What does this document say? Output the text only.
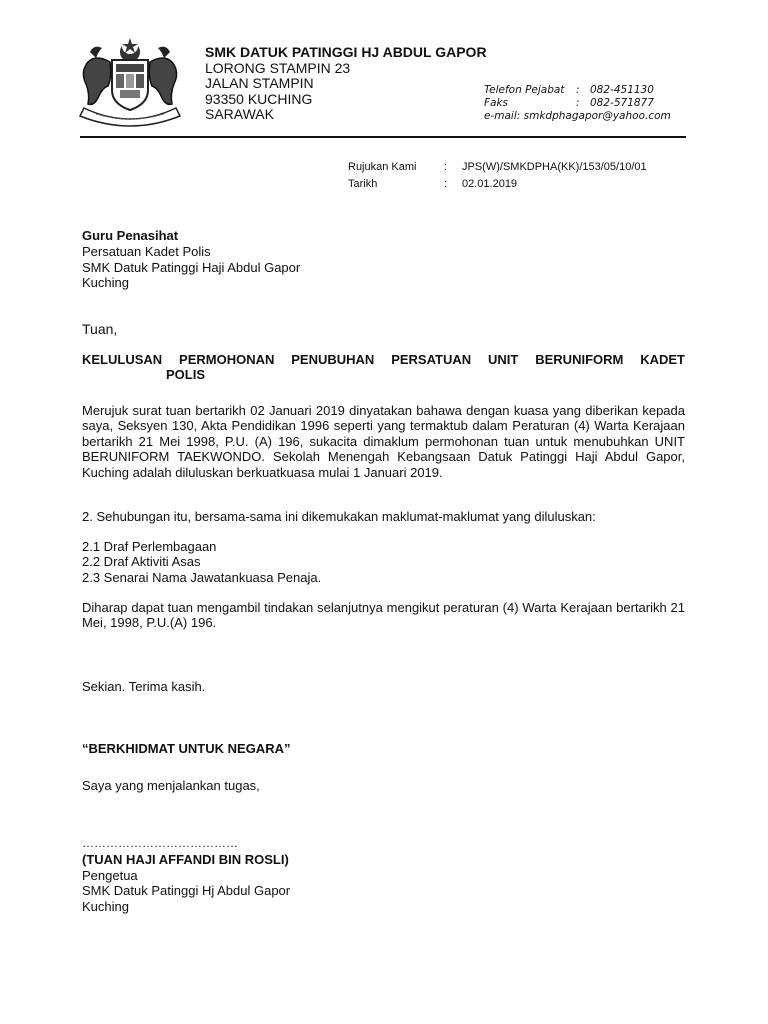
SMK DATUK PATINGGI HJ ABDUL GAPOR
LORONG STAMPIN 23
JALAN STAMPIN
93350 KUCHING
SARAWAK
Telefon Pejabat : 082-451130
Faks	: 082-571877
e-mail: smkdphagapor@yahoo.com
Rujukan Kami	: JPS(W)/SMKDPHA(KK)/153/05/10/01
Tarikh	: 02.01.2019
Guru Penasihat
Persatuan Kadet Polis
SMK Datuk Patinggi Haji Abdul Gapor
Kuching
Tuan,
KELULUSAN PERMOHONAN PENUBUHAN PERSATUAN UNIT BERUNIFORM KADET
POLIS
Merujuk surat tuan bertarikh 02 Januari 2019 dinyatakan bahawa dengan kuasa yang diberikan kepada saya, Seksyen 130, Akta Pendidikan 1996 seperti yang termaktub dalam Peraturan (4) Warta Kerajaan bertarikh 21 Mei 1998, P.U. (A) 196, sukacita dimaklum permohonan tuan untuk menubuhkan UNIT BERUNIFORM TAEKWONDO. Sekolah Menengah Kebangsaan Datuk Patinggi Haji Abdul Gapor, Kuching adalah diluluskan berkuatkuasa mulai 1 Januari 2019.
2. Sehubungan itu, bersama-sama ini dikemukakan maklumat-maklumat yang diluluskan:
2.1 Draf Perlembagaan
2.2 Draf Aktiviti Asas
2.3 Senarai Nama Jawatankuasa Penaja.
Diharap dapat tuan mengambil tindakan selanjutnya mengikut peraturan (4) Warta Kerajaan bertarikh 21 Mei, 1998, P.U.(A) 196.
Sekian. Terima kasih.
“BERKHIDMAT UNTUK NEGARA”
Saya yang menjalankan tugas,
…………………………………
(TUAN HAJI AFFANDI BIN ROSLI)
Pengetua
SMK Datuk Patinggi Hj Abdul Gapor
Kuching
